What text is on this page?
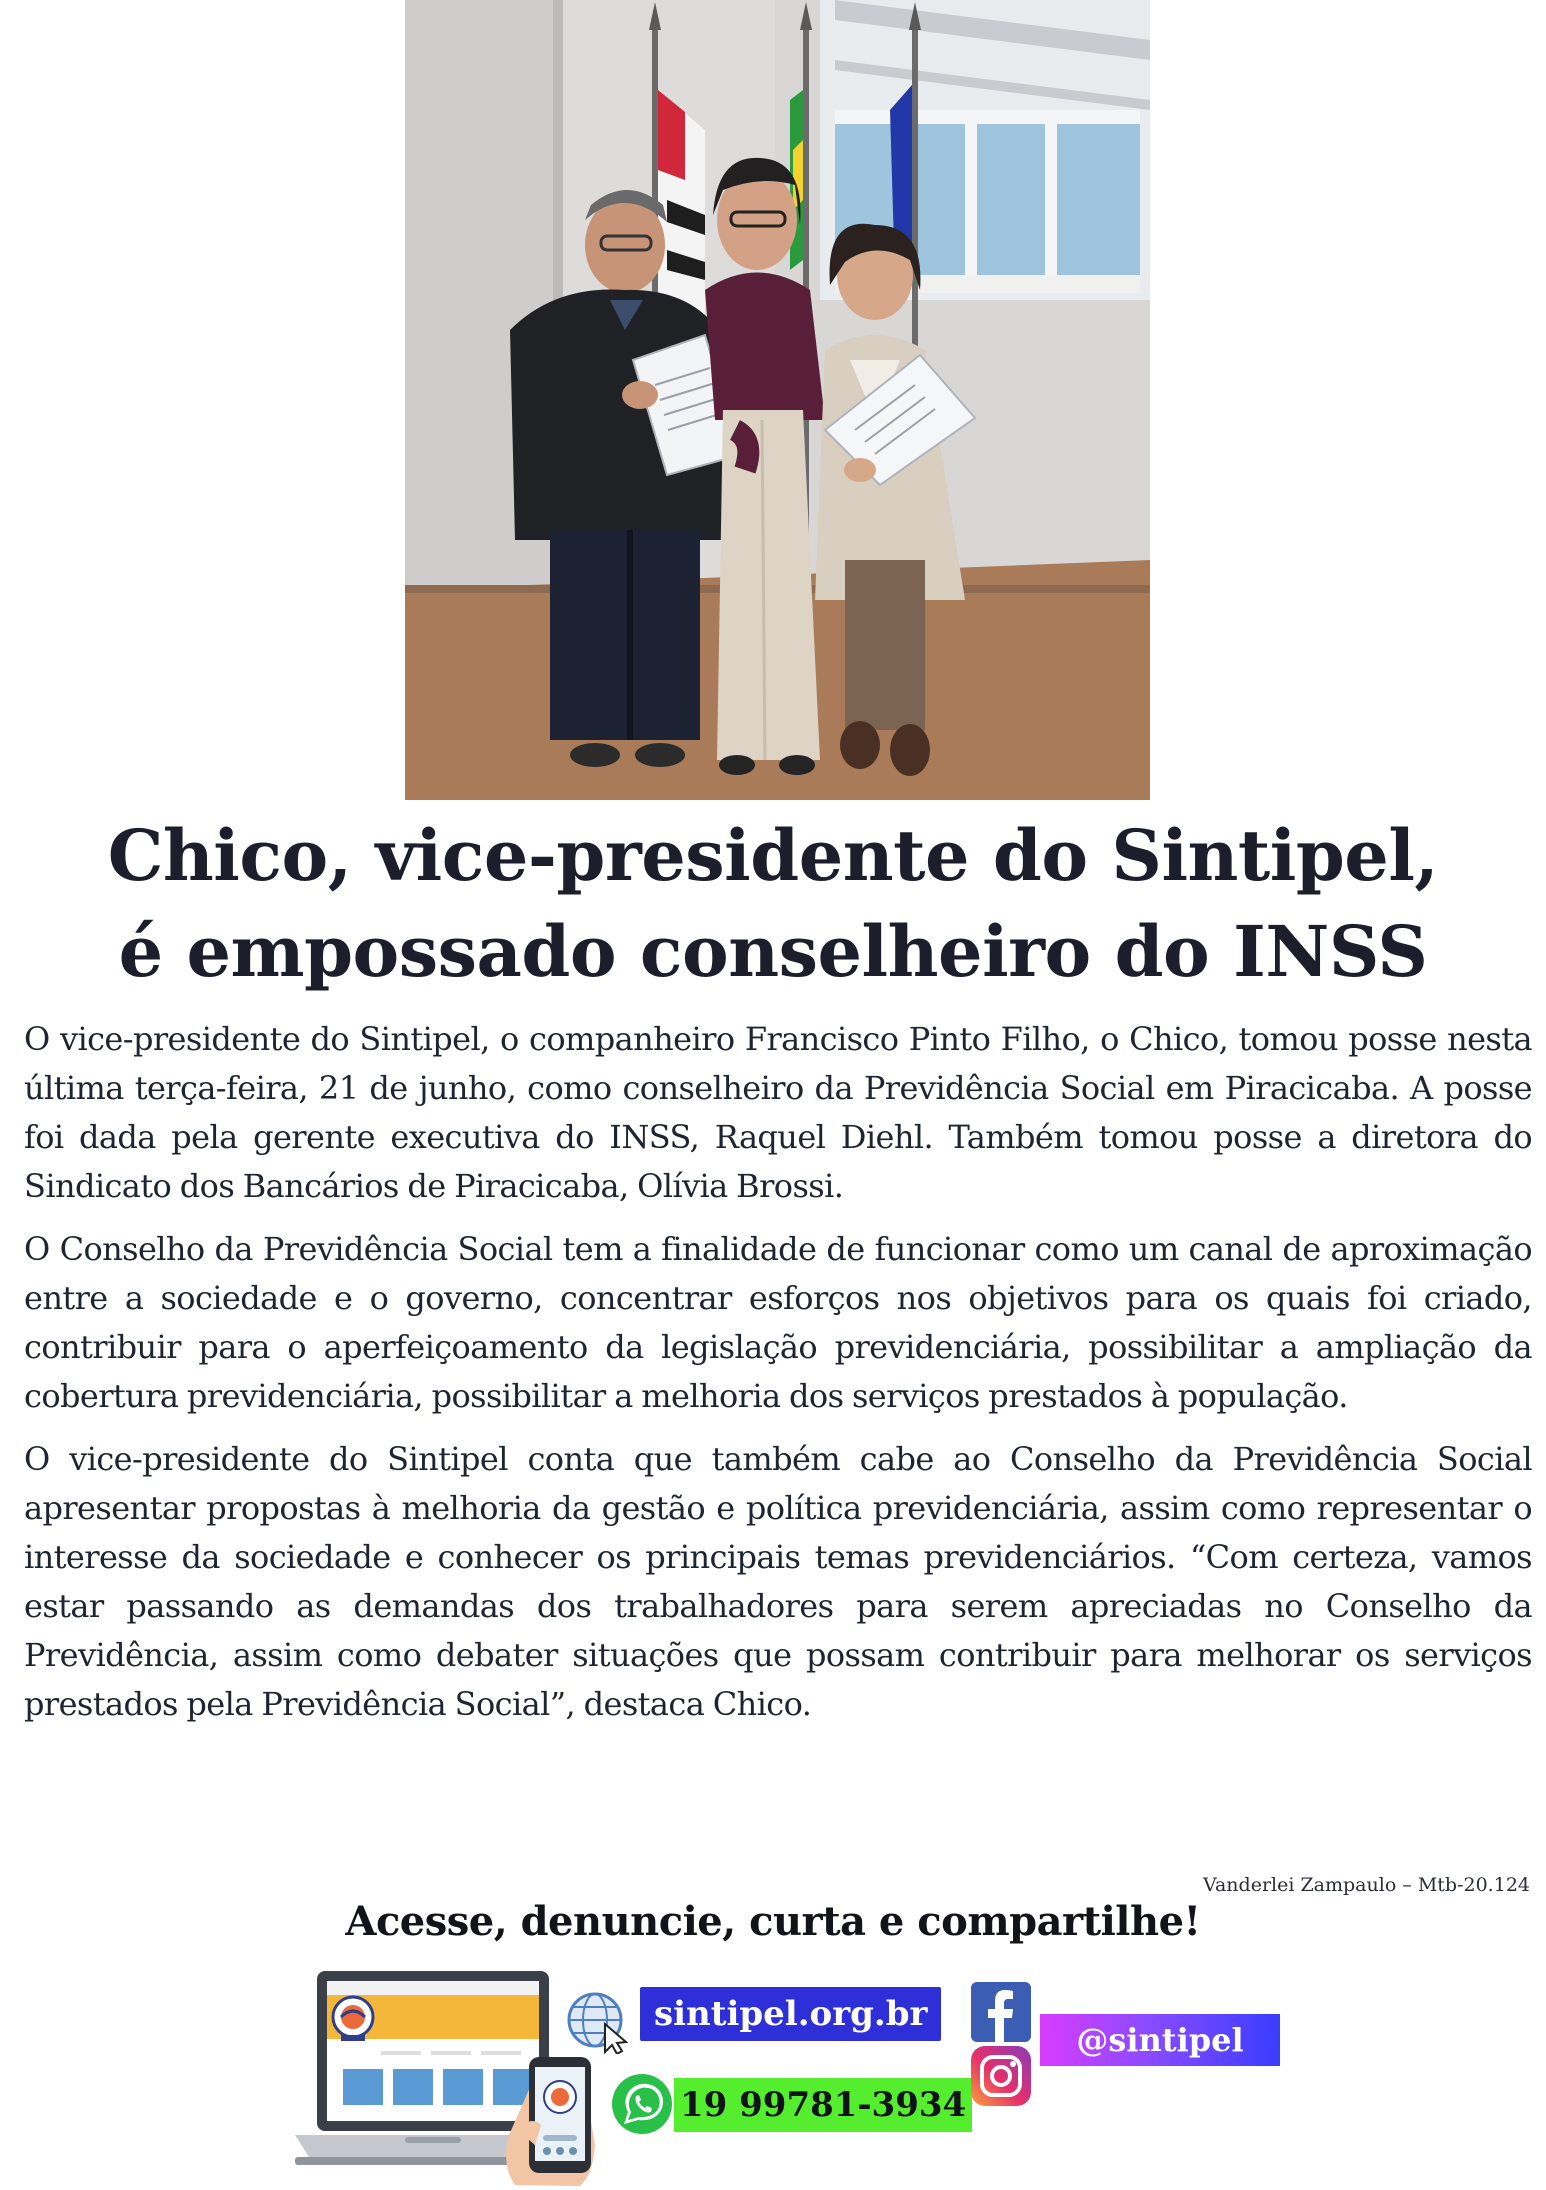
Chico, vice-presidente do Sintipel,
é empossado conselheiro do INSS

O vice-presidente do Sintipel, o companheiro Francisco Pinto Filho, o Chico, tomou posse nesta última terça-feira, 21 de junho, como conselheiro da Previdência Social em Piracicaba. A posse foi dada pela gerente executiva do INSS, Raquel Diehl. Também tomou posse a diretora do Sindicato dos Bancários de Piracicaba, Olívia Brossi.

O Conselho da Previdência Social tem a finalidade de funcionar como um canal de aproximação entre a sociedade e o governo, concentrar esforços nos objetivos para os quais foi criado, contribuir para o aperfeiçoamento da legislação previdenciária, possibilitar a ampliação da cobertura previdenciária, possibilitar a melhoria dos serviços prestados à população.

O vice-presidente do Sintipel conta que também cabe ao Conselho da Previdência Social apresentar propostas à melhoria da gestão e política previdenciária, assim como representar o interesse da sociedade e conhecer os principais temas previdenciários. “Com certeza, vamos estar passando as demandas dos trabalhadores para serem apreciadas no Conselho da Previdência, assim como debater situações que possam contribuir para melhorar os serviços prestados pela Previdência Social”, destaca Chico.

Vanderlei Zampaulo – Mtb-20.124
Acesse, denuncie, curta e compartilhe!
sintipel.org.br
19 99781-3934
@sintipel
